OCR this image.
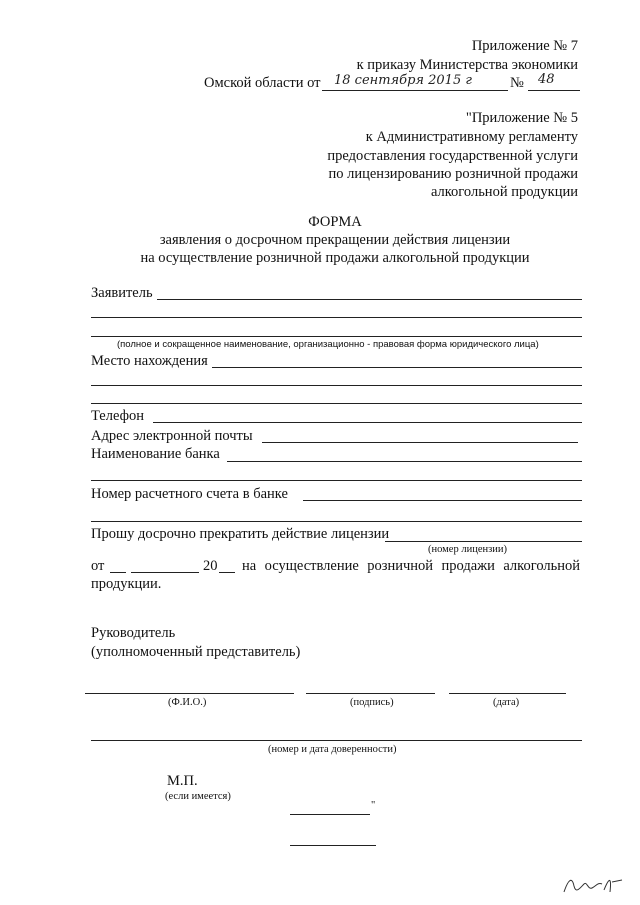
Приложение № 7
к приказу Министерства экономики
Омской области от 18 сентября 2015 г	№ 48
"Приложение № 5
к Административному регламенту
предоставления государственной услуги
по лицензированию розничной продажи
алкогольной продукции
ФОРМА
заявления о досрочном прекращении действия лицензии
на осуществление розничной продажи алкогольной продукции
Заявитель
(полное и сокращенное наименование, организационно - правовая форма юридического лица)
Место нахождения
Телефон
Адрес электронной почты
Наименование банка
Номер расчетного счета в банке
Прошу досрочно прекратить действие лицензии
(номер лицензии)
от	20 на осуществление розничной продажи алкогольной
продукции.
Руководитель
(уполномоченный представитель)
(Ф.И.О.)	(подпись)	(дата)
(номер и дата доверенности)
М.П.
(если имеется)
"
